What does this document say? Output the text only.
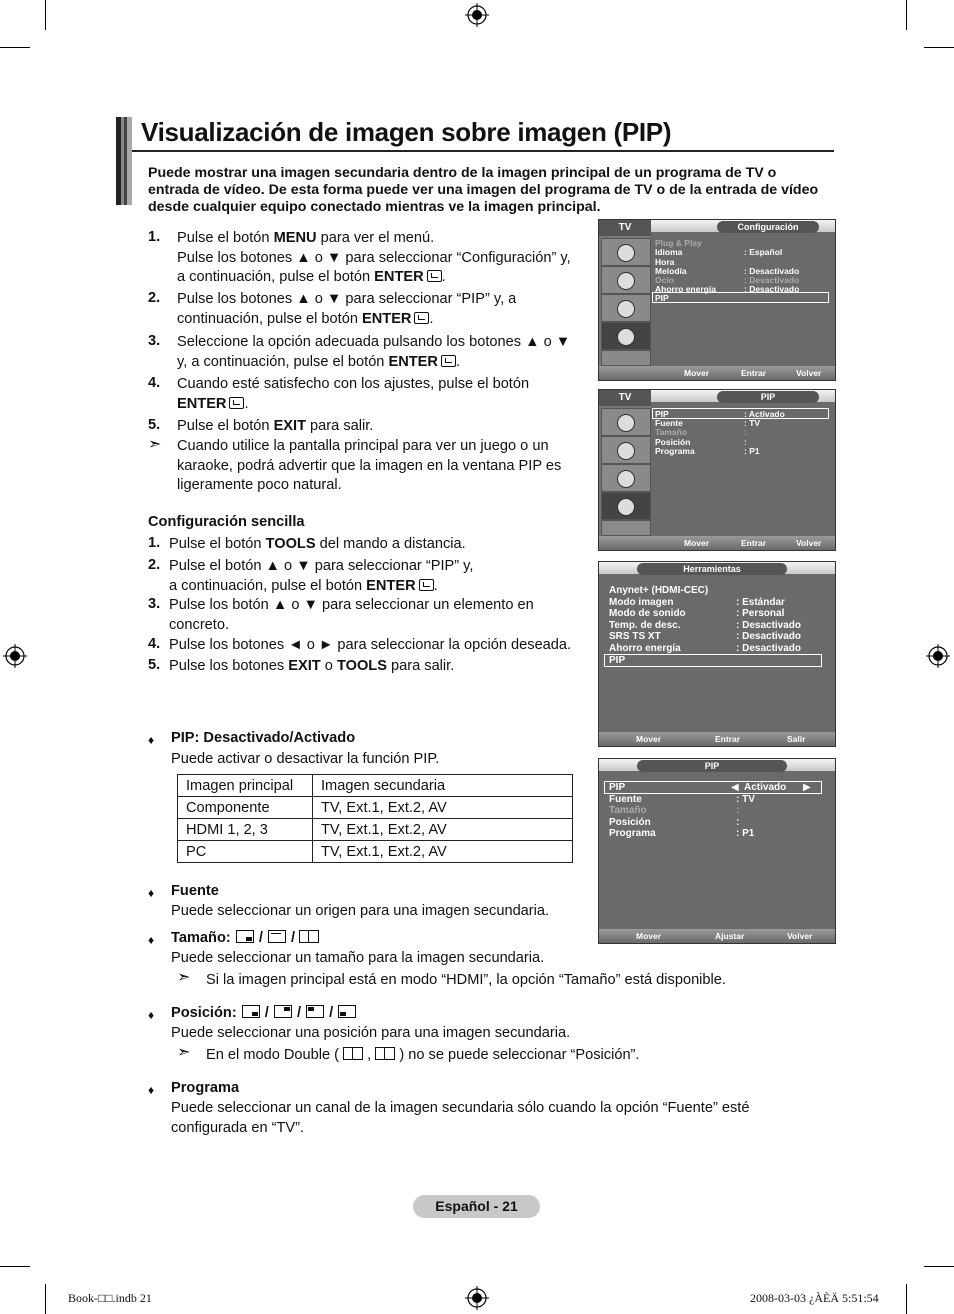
Visualización de imagen sobre imagen (PIP)
Puede mostrar una imagen secundaria dentro de la imagen principal de un programa de TV o entrada de vídeo. De esta forma puede ver una imagen del programa de TV o de la entrada de vídeo desde cualquier equipo conectado mientras ve la imagen principal.
1. Pulse el botón MENU para ver el menú.
Pulse los botones ▲ o ▼ para seleccionar “Configuración” y,
a continuación, pulse el botón ENTER .
2. Pulse los botones ▲ o ▼ para seleccionar “PIP” y, a
continuación, pulse el botón ENTER .
3. Seleccione la opción adecuada pulsando los botones ▲ o ▼
y, a continuación, pulse el botón ENTER .
4. Cuando esté satisfecho con los ajustes, pulse el botón
ENTER .
5. Pulse el botón EXIT para salir.
➣ Cuando utilice la pantalla principal para ver un juego o un
karaoke, podrá advertir que la imagen en la ventana PIP es
ligeramente poco natural.
Configuración sencilla
1. Pulse el botón TOOLS del mando a distancia.
2. Pulse el botón ▲ o ▼ para seleccionar “PIP” y,
a continuación, pulse el botón ENTER .
3. Pulse los botón ▲ o ▼ para seleccionar un elemento en
concreto.
4. Pulse los botones ◄ o ► para seleccionar la opción deseada.
5. Pulse los botones EXIT o TOOLS para salir.
♦ PIP: Desactivado/Activado
Puede activar o desactivar la función PIP.
Imagen principal	Imagen secundaria
Componente	TV, Ext.1, Ext.2, AV
HDMI 1, 2, 3	TV, Ext.1, Ext.2, AV
PC	TV, Ext.1, Ext.2, AV
♦ Fuente
Puede seleccionar un origen para una imagen secundaria.
♦ Tamaño: / /
Puede seleccionar un tamaño para la imagen secundaria.
➣ Si la imagen principal está en modo “HDMI”, la opción “Tamaño” está disponible.
♦ Posición:
/
/
/
Puede seleccionar una posición para una imagen secundaria.
➣ En el modo Double ( , ) no se puede seleccionar “Posición”.
♦ Programa
Puede seleccionar un canal de la imagen secundaria sólo cuando la opción “Fuente” esté
configurada en “TV”.
TV	Configuración
Plug & Play
Idioma	: Español
Hora
Melodía	: Desactivado
Ocio	: Desactivado
Ahorro energía	: Desactivado
PIP
Mover	Entrar	Volver
TV	PIP
PIP	: Activado
Fuente	: TV
Tamaño	:
Posición	:
Programa	: P1
Mover	Entrar	Volver
Herramientas
Anynet+ (HDMI-CEC)
Modo imagen	: Estándar
Modo de sonido	: Personal
Temp. de desc.	: Desactivado
SRS TS XT	: Desactivado
Ahorro energía	: Desactivado
PIP
Mover	Entrar	Salir
PIP
PIP	◀ Activado ▶
Fuente	: TV
Tamaño	:
Posición	:
Programa	: P1
Mover	Ajustar	Volver
Español - 21
Book-□□.indb 21	2008-03-03 ¿ÀÈÄ 5:51:54
